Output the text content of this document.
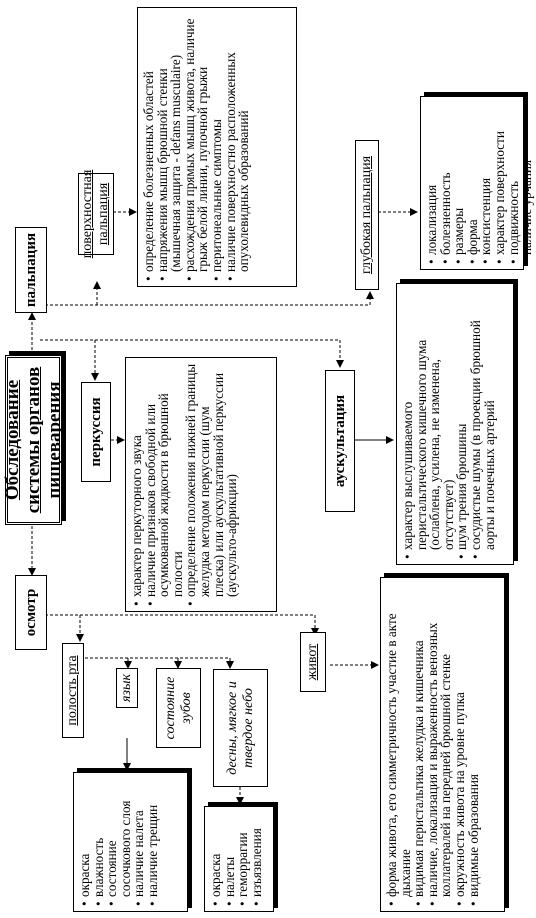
Обследование системы органов пищеварения
пальпация
поверхностная пальпация • определение болезненных областей
• напряжения мышц брюшной стенки (мышечная защита - defans musculaire)
• расхождения прямых мышц живота, наличие грыж белой линии, пупочной грыжи
• перитонеальные симптомы
• наличие поверхностно расположенных опухолевидных образований	глубокая пальпация	• локализация
• болезненность
• размеры
• форма
• консистенция
• характер поверхности
• подвижность
• наличие урчания
перкуссия
• характер перкуторного звука
• наличие признаков свободной или осумкованной жидкости в брюшной полости
• определение положения нижней границы желудка методом перкуссии (шум плеска) или аускультативной перкуссии (аускульто-африкции)
аускультация	• характер выслушиваемого перистальтического кишечного шума (ослаблена, усилена, не изменена, отсутствует)
• шум трения брюшины
• сосудистые шумы (в проекции брюшной аорты и почечных артерий
осмотр
полость рта	язык состояние зубов десны, мягкое и твердое небо
живот
• окраска
• влажность
• состояние сосочкового слоя
• наличие налета
• наличие трещин	• окраска
• налеты
• геморрагии
• изъязвления	• форма живота, его симметричность участие в акте дыхание
• видимая перистальтика желудка и кишечника
• наличие, локализация и выраженность венозных коллатералей на передней брюшной стенке
• окружность живота на уровне пупка
• видимые образования
